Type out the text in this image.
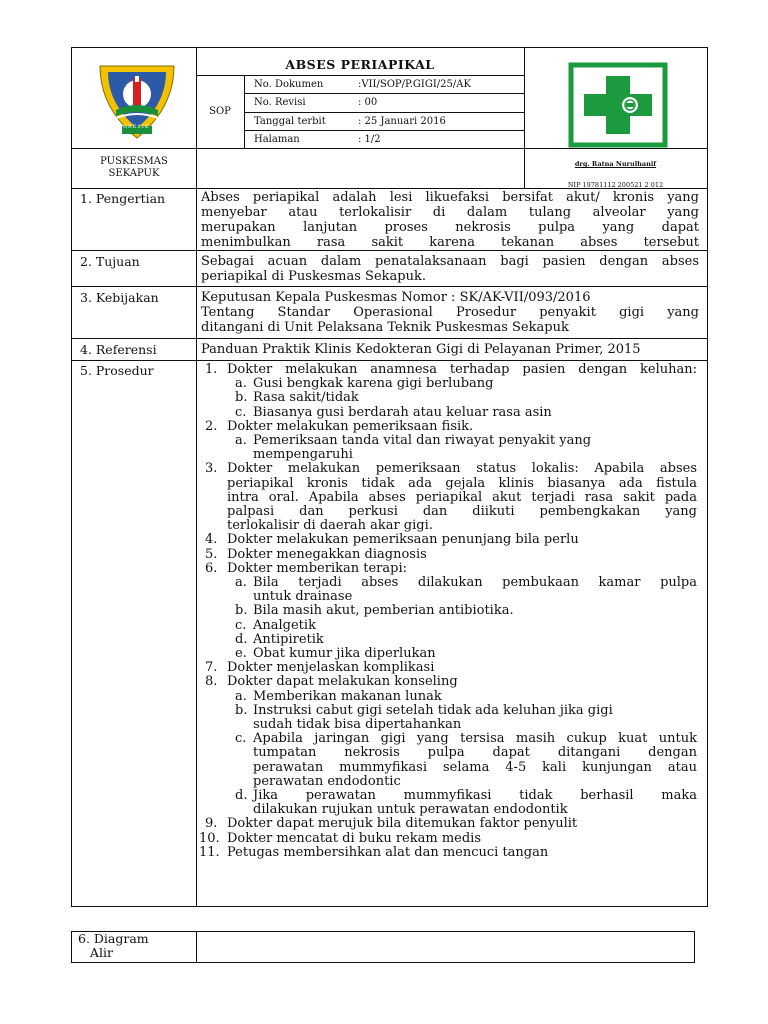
GRESIK
ABSES PERIAPIKAL
SOP
No. Dokumen	:VII/SOP/P.GIGI/25/AK
No. Revisi	: 00
Tanggal terbit	: 25 Januari 2016
Halaman	: 1/2
PUSKESMAS
SEKAPUK
drg. Ratna Nurulhanif
NIP 19781112 200521 2 012
1. Pengertian	Abses periapikal adalah lesi likuefaksi bersifat akut/ kronis yang
menyebar atau terlokalisir di dalam tulang alveolar yang
merupakan lanjutan proses nekrosis pulpa yang dapat
menimbulkan rasa sakit karena tekanan abses tersebut
2. Tujuan	Sebagai acuan dalam penatalaksanaan bagi pasien dengan abses
periapikal di Puskesmas Sekapuk.
3. Kebijakan	Keputusan Kepala Puskesmas Nomor : SK/AK-VII/093/2016
Tentang Standar Operasional Prosedur penyakit gigi yang
ditangani di Unit Pelaksana Teknik Puskesmas Sekapuk
4. Referensi	Panduan Praktik Klinis Kedokteran Gigi di Pelayanan Primer, 2015
5. Prosedur	1. Dokter melakukan anamnesa terhadap pasien dengan keluhan:
a. Gusi bengkak karena gigi berlubang
b. Rasa sakit/tidak
c. Biasanya gusi berdarah atau keluar rasa asin
2. Dokter melakukan pemeriksaan fisik.
a. Pemeriksaan tanda vital dan riwayat penyakit yang
mempengaruhi
3. Dokter melakukan pemeriksaan status lokalis: Apabila abses
periapikal kronis tidak ada gejala klinis biasanya ada fistula
intra oral. Apabila abses periapikal akut terjadi rasa sakit pada
palpasi dan perkusi dan diikuti pembengkakan yang
terlokalisir di daerah akar gigi.
4. Dokter melakukan pemeriksaan penunjang bila perlu
5. Dokter menegakkan diagnosis
6. Dokter memberikan terapi:
a. Bila terjadi abses dilakukan pembukaan kamar pulpa
untuk drainase
b. Bila masih akut, pemberian antibiotika.
c. Analgetik
d. Antipiretik
e. Obat kumur jika diperlukan
7. Dokter menjelaskan komplikasi
8. Dokter dapat melakukan konseling
a. Memberikan makanan lunak
b. Instruksi cabut gigi setelah tidak ada keluhan jika gigi
sudah tidak bisa dipertahankan
c. Apabila jaringan gigi yang tersisa masih cukup kuat untuk
tumpatan nekrosis pulpa dapat ditangani dengan
perawatan mummyfikasi selama 4-5 kali kunjungan atau
perawatan endodontic
d. Jika perawatan mummyfikasi tidak berhasil maka
dilakukan rujukan untuk perawatan endodontik
9. Dokter dapat merujuk bila ditemukan faktor penyulit
10. Dokter mencatat di buku rekam medis
11. Petugas membersihkan alat dan mencuci tangan
6. Diagram
Alir
